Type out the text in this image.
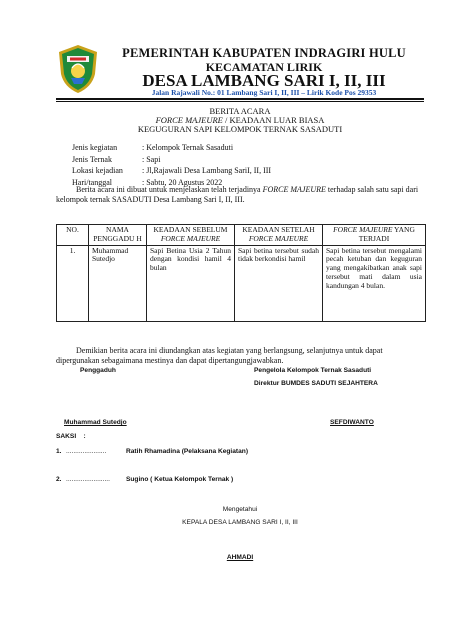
PEMERINTAH KABUPATEN INDRAGIRI HULU
KECAMATAN LIRIK
DESA LAMBANG SARI I, II, III
Jalan Rajawali No.: 01 Lambang Sari I, II, III – Lirik Kode Pos 29353
BERITA ACARA
FORCE MAJEURE / KEADAAN LUAR BIASA
KEGUGURAN SAPI KELOMPOK TERNAK SASADUTI
Jenis kegiatan	: Kelompok Ternak Sasaduti
Jenis Ternak	: Sapi
Lokasi kejadian	: Jl,Rajawali Desa Lambang SariI, II, III
Hari/tanggal	: Sabtu, 20 Agustus 2022
Berita acara ini dibuat untuk menjelaskan telah terjadinya FORCE MAJEURE terhadap salah satu sapi dari kelompok ternak SASADUTI Desa Lambang Sari I, II, III.
NO.	NAMA PENGGADU H	KEADAAN SEBELUM FORCE MAJEURE	KEADAAN SETELAH FORCE MAJEURE	FORCE MAJEURE YANG TERJADI
1.	Muhammad Sutedjo	Sapi Betina Usia 2 Tahun dengan kondisi hamil 4 bulan	Sapi betina tersebut sudah tidak berkondisi hamil	Sapi betina tersebut mengalami pecah ketuban dan keguguran yang mengakibatkan anak sapi tersebut mati dalam usia kandungan 4 bulan.
Demikian berita acara ini diundangkan atas kegiatan yang berlangsung, selanjutnya untuk dapat dipergunakan sebagaimana mestinya dan dapat dipertangungjawabkan.
Penggaduh	Pengelola Kelompok Ternak Sasaduti
Direktur BUMDES SADUTI SEJAHTERA
Muhammad Sutedjo	SEFDIWANTO
SAKSI    :
1. ......................	Ratih Rhamadina (Pelaksana Kegiatan)
2. ........................ Sugino ( Ketua Kelompok Ternak )
Mengetahui
KEPALA DESA LAMBANG SARI I, II, III
AHMADI
